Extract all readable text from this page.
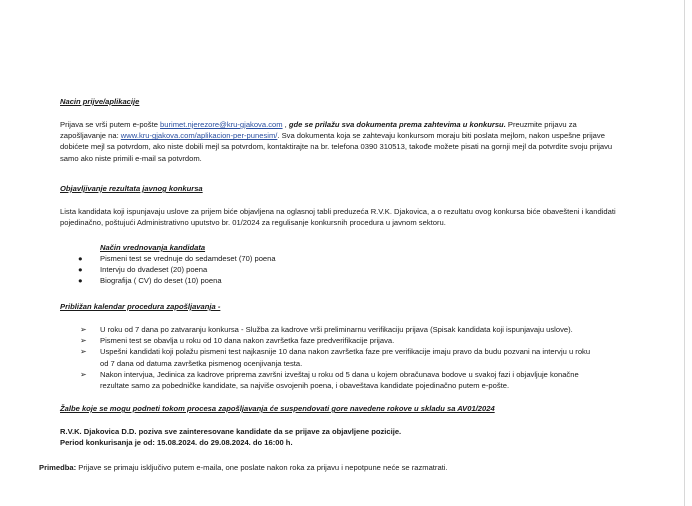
Nacin prijve/aplikacije
Prijava se vrši putem e-pošte burimet.njerezore@kru-gjakova.com , gde se prilažu sva dokumenta prema zahtevima u konkursu. Preuzmite prijavu za zapošljavanje na: www.kru-gjakova.com/aplikacion-per-punesim/. Sva dokumenta koja se zahtevaju konkursom moraju biti poslata mejlom, nakon uspešne prijave dobićete mejl sa potvrdom, ako niste dobili mejl sa potvrdom, kontaktirajte na br. telefona 0390 310513, takođe možete pisati na gornji mejl da potvrdite svoju prijavu samo ako niste primili e-mail sa potvrdom.
Objavljivanje rezultata javnog konkursa
Lista kandidata koji ispunjavaju uslove za prijem biće objavljena na oglasnoj tabli preduzeća R.V.K. Djakovica, a o rezultatu ovog konkursa biće obavešteni i kandidati pojedinačno, poštujući Administrativno uputstvo br. 01/2024 za regulisanje konkursnih procedura u javnom sektoru.
Način vrednovanja kandidata
● Pismeni test se vrednuje do sedamdeset (70) poena
● Intervju do dvadeset (20) poena
● Biografija ( CV) do deset (10) poena
Približan kalendar procedura zapošljavanja -
➢ U roku od 7 dana po zatvaranju konkursa - Služba za kadrove vrši preliminarnu verifikaciju prijava (Spisak kandidata koji ispunjavaju uslove).
➢ Pismeni test se obavlja u roku od 10 dana nakon završetka faze predverifikacije prijava.
➢ Uspešni kandidati koji polažu pismeni test najkasnije 10 dana nakon završetka faze pre verifikacije imaju pravo da budu pozvani na intervju u roku od 7 dana od datuma završetka pismenog ocenjivanja testa.
➢ Nakon intervjua, Jedinica za kadrove priprema završni izveštaj u roku od 5 dana u kojem obračunava bodove u svakoj fazi i objavljuje konačne rezultate samo za pobedničke kandidate, sa najviše osvojenih poena, i obaveštava kandidate pojedinačno putem e-pošte.
Žalbe koje se mogu podneti tokom procesa zapošljavanja će suspendovati gore navedene rokove u skladu sa AV01/2024
R.V.K. Djakovica D.D. poziva sve zainteresovane kandidate da se prijave za objavljene pozicije.
Period konkurisanja je od: 15.08.2024. do 29.08.2024. do 16:00 h.
Primedba: Prijave se primaju isključivo putem e-maila, one poslate nakon roka za prijavu i nepotpune neće se razmatrati.
